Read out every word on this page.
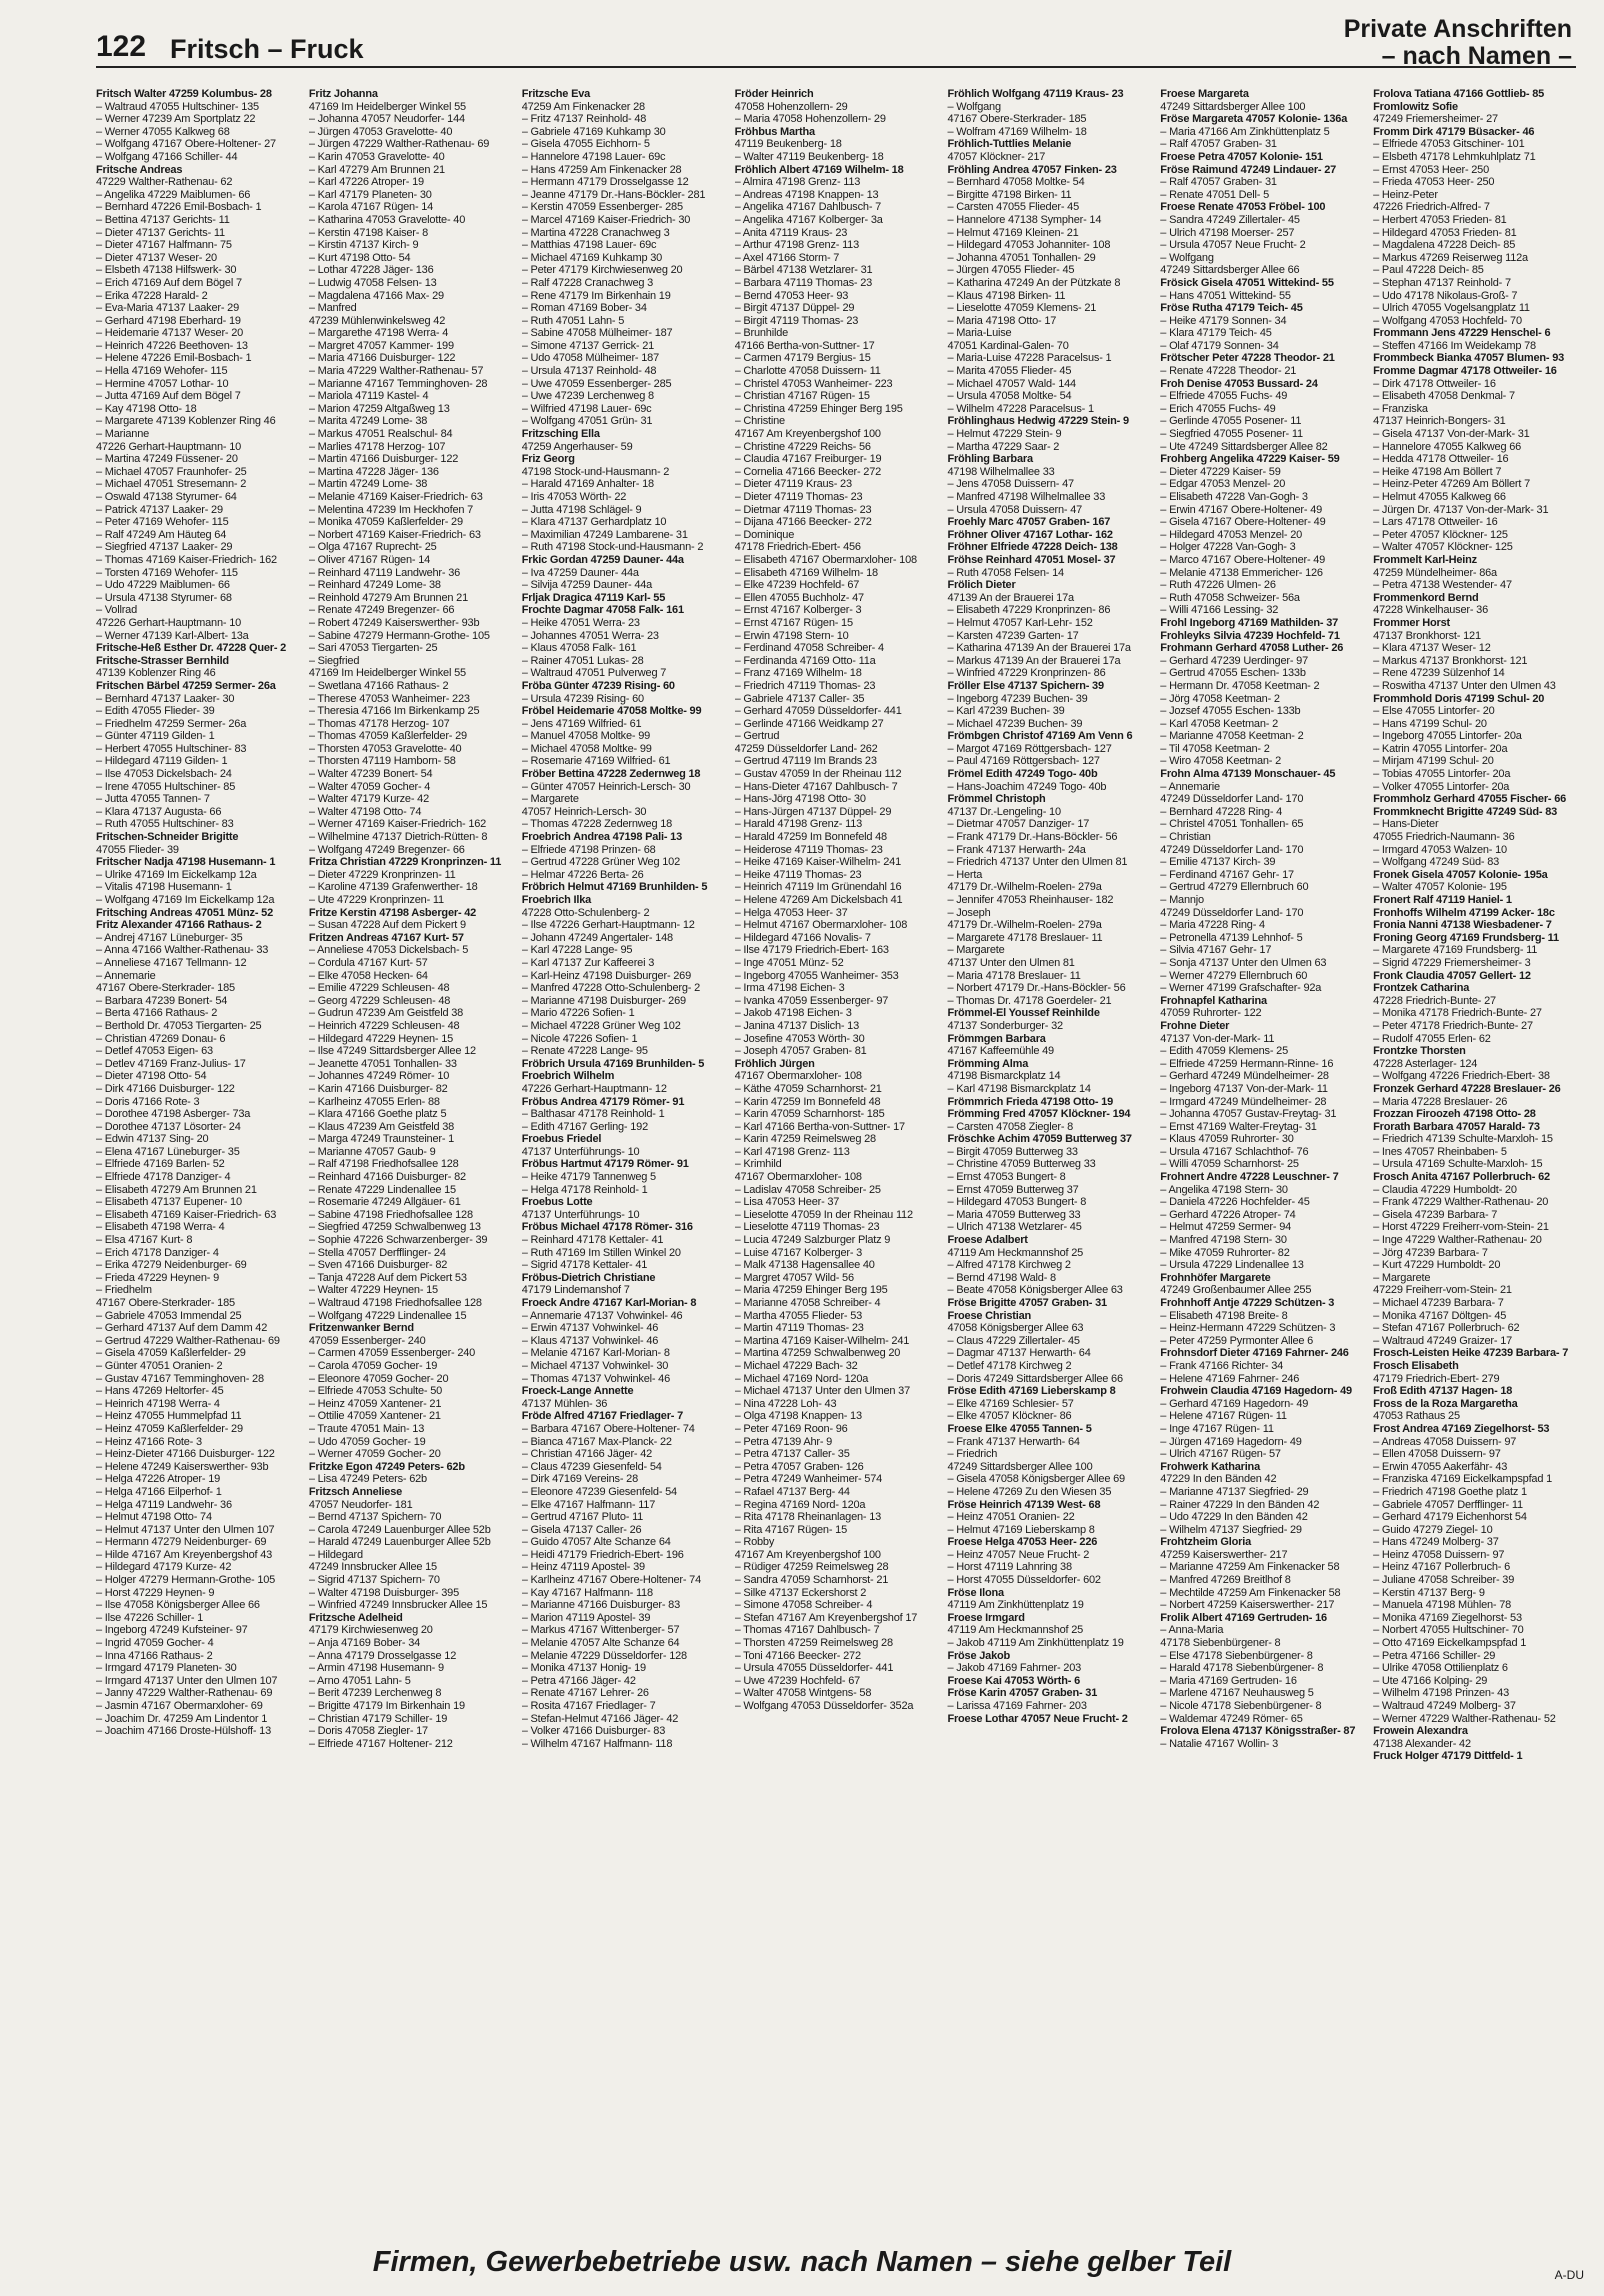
122 Fritsch – Fruck
Private Anschriften
– nach Namen –
Fritsch Walter 47259 Kolumbus- 28
– Waltraud 47055 Hultschiner- 135
– Werner 47239 Am Sportplatz 22
– Werner 47055 Kalkweg 68
– Wolfgang 47167 Obere-Holtener- 27
– Wolfgang 47166 Schiller- 44
Fritsche Andreas
47229 Walther-Rathenau- 62
– Angelika 47229 Maiblumen- 66
– Bernhard 47226 Emil-Bosbach- 1
– Bettina 47137 Gerichts- 11
– Dieter 47137 Gerichts- 11
– Dieter 47167 Halfmann- 75
– Dieter 47137 Weser- 20
– Elsbeth 47138 Hilfswerk- 30
– Erich 47169 Auf dem Bögel 7
– Erika 47228 Harald- 2
– Eva-Maria 47137 Laaker- 29
– Gerhard 47198 Eberhard- 19
– Heidemarie 47137 Weser- 20
– Heinrich 47226 Beethoven- 13
– Helene 47226 Emil-Bosbach- 1
– Hella 47169 Wehofer- 115
– Hermine 47057 Lothar- 10
– Jutta 47169 Auf dem Bögel 7
– Kay 47198 Otto- 18
– Margarete 47139 Koblenzer Ring 46
– Marianne
47226 Gerhart-Hauptmann- 10
– Martina 47249 Füssener- 20
– Michael 47057 Fraunhofer- 25
– Michael 47051 Stresemann- 2
– Oswald 47138 Styrumer- 64
– Patrick 47137 Laaker- 29
– Peter 47169 Wehofer- 115
– Ralf 47249 Am Häuteg 64
– Siegfried 47137 Laaker- 29
– Thomas 47169 Kaiser-Friedrich- 162
– Torsten 47169 Wehofer- 115
– Udo 47229 Maiblumen- 66
– Ursula 47138 Styrumer- 68
– Vollrad
47226 Gerhart-Hauptmann- 10
– Werner 47139 Karl-Albert- 13a
Fritsche-Heß Esther Dr. 47228 Quer- 2
Fritsche-Strasser Bernhild
47139 Koblenzer Ring 46
Fritschen Bärbel 47259 Sermer- 26a
– Bernhard 47137 Laaker- 30
– Edith 47055 Flieder- 39
– Friedhelm 47259 Sermer- 26a
– Günter 47119 Gilden- 1
– Herbert 47055 Hultschiner- 83
– Hildegard 47119 Gilden- 1
– Ilse 47053 Dickelsbach- 24
– Irene 47055 Hultschiner- 85
– Jutta 47055 Tannen- 7
– Klara 47137 Augusta- 66
– Ruth 47055 Hultschiner- 83
Fritschen-Schneider Brigitte
47055 Flieder- 39
Fritscher Nadja 47198 Husemann- 1
– Ulrike 47169 Im Eickelkamp 12a
– Vitalis 47198 Husemann- 1
– Wolfgang 47169 Im Eickelkamp 12a
Fritsching Andreas 47051 Münz- 52
Fritz Alexander 47166 Rathaus- 2
– Andrej 47167 Lüneburger- 35
– Anna 47166 Walther-Rathenau- 33
– Anneliese 47167 Tellmann- 12
– Annemarie
47167 Obere-Sterkrader- 185
– Barbara 47239 Bonert- 54
– Berta 47166 Rathaus- 2
– Berthold Dr. 47053 Tiergarten- 25
– Christian 47269 Donau- 6
– Detlef 47053 Eigen- 63
– Detlev 47169 Franz-Julius- 17
– Dieter 47198 Otto- 54
– Dirk 47166 Duisburger- 122
– Doris 47166 Rote- 3
– Dorothee 47198 Asberger- 73a
– Dorothee 47137 Lösorter- 24
– Edwin 47137 Sing- 20
– Elena 47167 Lüneburger- 35
– Elfriede 47169 Barlen- 52
– Elfriede 47178 Danziger- 4
– Elisabeth 47279 Am Brunnen 21
– Elisabeth 47137 Eupener- 10
– Elisabeth 47169 Kaiser-Friedrich- 63
– Elisabeth 47198 Werra- 4
– Elsa 47167 Kurt- 8
– Erich 47178 Danziger- 4
– Erika 47279 Neidenburger- 69
– Frieda 47229 Heynen- 9
– Friedhelm
47167 Obere-Sterkrader- 185
– Gabriele 47053 Immendal 25
– Gerhard 47137 Auf dem Damm 42
– Gertrud 47229 Walther-Rathenau- 69
– Gisela 47059 Kaßlerfelder- 29
– Günter 47051 Oranien- 2
– Gustav 47167 Temminghoven- 28
– Hans 47269 Heltorfer- 45
– Heinrich 47198 Werra- 4
– Heinz 47055 Hummelpfad 11
– Heinz 47059 Kaßlerfelder- 29
– Heinz 47166 Rote- 3
– Heinz-Dieter 47166 Duisburger- 122
– Helene 47249 Kaiserswerther- 93b
– Helga 47226 Atroper- 19
– Helga 47166 Eilperhof- 1
– Helga 47119 Landwehr- 36
– Helmut 47198 Otto- 74
– Helmut 47137 Unter den Ulmen 107
– Hermann 47279 Neidenburger- 69
– Hilde 47167 Am Kreyenbergshof 43
– Hildegard 47179 Kurze- 42
– Holger 47279 Hermann-Grothe- 105
– Horst 47229 Heynen- 9
– Ilse 47058 Königsberger Allee 66
– Ilse 47226 Schiller- 1
– Ingeborg 47249 Kufsteiner- 97
– Ingrid 47059 Gocher- 4
– Inna 47166 Rathaus- 2
– Irmgard 47179 Planeten- 30
– Irmgard 47137 Unter den Ulmen 107
– Janny 47229 Walther-Rathenau- 69
– Jasmin 47167 Obermarxloher- 69
– Joachim Dr. 47259 Am Lindentor 1
– Joachim 47166 Droste-Hülshoff- 13
Fritz Johanna
47169 Im Heidelberger Winkel 55
– Johanna 47057 Neudorfer- 144
– Jürgen 47053 Gravelotte- 40
– Jürgen 47229 Walther-Rathenau- 69
– Karin 47053 Gravelotte- 40
– Karl 47279 Am Brunnen 21
– Karl 47226 Atroper- 19
– Karl 47179 Planeten- 30
– Karola 47167 Rügen- 14
– Katharina 47053 Gravelotte- 40
– Kerstin 47198 Kaiser- 8
– Kirstin 47137 Kirch- 9
– Kurt 47198 Otto- 54
– Lothar 47228 Jäger- 136
– Ludwig 47058 Felsen- 13
– Magdalena 47166 Max- 29
– Manfred
47239 Mühlenwinkelsweg 42
– Margarethe 47198 Werra- 4
– Margret 47057 Kammer- 199
– Maria 47166 Duisburger- 122
– Maria 47229 Walther-Rathenau- 57
– Marianne 47167 Temminghoven- 28
– Mariola 47119 Kastel- 4
– Marion 47259 Altgaßweg 13
– Marita 47249 Lome- 38
– Markus 47051 Realschul- 84
– Marlies 47178 Herzog- 107
– Martin 47166 Duisburger- 122
– Martina 47228 Jäger- 136
– Martin 47249 Lome- 38
– Melanie 47169 Kaiser-Friedrich- 63
– Melentina 47239 Im Heckhofen 7
– Monika 47059 Kaßlerfelder- 29
– Norbert 47169 Kaiser-Friedrich- 63
– Olga 47167 Ruprecht- 25
– Oliver 47167 Rügen- 14
– Reinhard 47119 Landwehr- 36
– Reinhard 47249 Lome- 38
– Reinhold 47279 Am Brunnen 21
– Renate 47249 Bregenzer- 66
– Robert 47249 Kaiserswerther- 93b
– Sabine 47279 Hermann-Grothe- 105
– Sari 47053 Tiergarten- 25
– Siegfried
47169 Im Heidelberger Winkel 55
– Swetlana 47166 Rathaus- 2
– Therese 47053 Wanheimer- 223
– Theresia 47166 Im Birkenkamp 25
– Thomas 47178 Herzog- 107
– Thomas 47059 Kaßlerfelder- 29
– Thorsten 47053 Gravelotte- 40
– Thorsten 47119 Hamborn- 58
– Walter 47239 Bonert- 54
– Walter 47059 Gocher- 4
– Walter 47179 Kurze- 42
– Walter 47198 Otto- 74
– Werner 47169 Kaiser-Friedrich- 162
– Wilhelmine 47137 Dietrich-Rütten- 8
– Wolfgang 47249 Bregenzer- 66
Fritza Christian 47229 Kronprinzen- 11
– Dieter 47229 Kronprinzen- 11
– Karoline 47139 Grafenwerther- 18
– Ute 47229 Kronprinzen- 11
Fritze Kerstin 47198 Asberger- 42
– Susan 47228 Auf dem Pickert 9
Fritzen Andreas 47167 Kurt- 57
– Anneliese 47053 Dickelsbach- 5
– Cordula 47167 Kurt- 57
– Elke 47058 Hecken- 64
– Emilie 47229 Schleusen- 48
– Georg 47229 Schleusen- 48
– Gudrun 47239 Am Geistfeld 38
– Heinrich 47229 Schleusen- 48
– Hildegard 47229 Heynen- 15
– Ilse 47249 Sittardsberger Allee 12
– Jeanette 47051 Tonhallen- 33
– Johannes 47249 Römer- 10
– Karin 47166 Duisburger- 82
– Karlheinz 47055 Erlen- 88
– Klara 47166 Goethe platz 5
– Klaus 47239 Am Geistfeld 38
– Marga 47249 Traunsteiner- 1
– Marianne 47057 Gaub- 9
– Ralf 47198 Friedhofsallee 128
– Reinhard 47166 Duisburger- 82
– Renate 47229 Lindenallee 15
– Rosemarie 47249 Allgäuer- 61
– Sabine 47198 Friedhofsallee 128
– Siegfried 47259 Schwalbenweg 13
– Sophie 47226 Schwarzenberger- 39
– Stella 47057 Derfflinger- 24
– Sven 47166 Duisburger- 82
– Tanja 47228 Auf dem Pickert 53
– Walter 47229 Heynen- 15
– Waltraud 47198 Friedhofsallee 128
– Wolfgang 47229 Lindenallee 15
Fritzenwanker Bernd
47059 Essenberger- 240
– Carmen 47059 Essenberger- 240
– Carola 47059 Gocher- 19
– Eleonore 47059 Gocher- 20
– Elfriede 47053 Schulte- 50
– Heinz 47059 Xantener- 21
– Ottilie 47059 Xantener- 21
– Traute 47051 Main- 13
– Udo 47059 Gocher- 19
– Werner 47059 Gocher- 20
Fritzke Egon 47249 Peters- 62b
– Lisa 47249 Peters- 62b
Fritzsch Anneliese
47057 Neudorfer- 181
– Bernd 47137 Spichern- 70
– Carola 47249 Lauenburger Allee 52b
– Harald 47249 Lauenburger Allee 52b
– Hildegard
47249 Innsbrucker Allee 15
– Sigrid 47137 Spichern- 70
– Walter 47198 Duisburger- 395
– Winfried 47249 Innsbrucker Allee 15
Fritzsche Adelheid
47179 Kirchwiesenweg 20
– Anja 47169 Bober- 34
– Anna 47179 Drosselgasse 12
– Armin 47198 Husemann- 9
– Arno 47051 Lahn- 5
– Berit 47239 Lerchenweg 8
– Brigitte 47179 Im Birkenhain 19
– Christian 47179 Schiller- 19
– Doris 47058 Ziegler- 17
– Elfriede 47167 Holtener- 212
Fritzsche Eva
47259 Am Finkenacker 28
– Fritz 47137 Reinhold- 48
– Gabriele 47169 Kuhkamp 30
– Gisela 47055 Eichhorn- 5
– Hannelore 47198 Lauer- 69c
– Hans 47259 Am Finkenacker 28
– Hermann 47179 Drosselgasse 12
– Jeanne 47179 Dr.-Hans-Böckler- 281
– Kerstin 47059 Essenberger- 285
– Marcel 47169 Kaiser-Friedrich- 30
– Martina 47228 Cranachweg 3
– Matthias 47198 Lauer- 69c
– Michael 47169 Kuhkamp 30
– Peter 47179 Kirchwiesenweg 20
– Ralf 47228 Cranachweg 3
– Rene 47179 Im Birkenhain 19
– Roman 47169 Bober- 34
– Ruth 47051 Lahn- 5
– Sabine 47058 Mülheimer- 187
– Simone 47137 Gerrick- 21
– Udo 47058 Mülheimer- 187
– Ursula 47137 Reinhold- 48
– Uwe 47059 Essenberger- 285
– Uwe 47239 Lerchenweg 8
– Wilfried 47198 Lauer- 69c
– Wolfgang 47051 Grün- 31
Fritzsching Ella
47259 Angerhauser- 59
Friz Georg
47198 Stock-und-Hausmann- 2
– Harald 47169 Anhalter- 18
– Iris 47053 Wörth- 22
– Jutta 47198 Schlägel- 9
– Klara 47137 Gerhardplatz 10
– Maximilian 47249 Lambarene- 31
– Ruth 47198 Stock-und-Hausmann- 2
Frkic Gordan 47259 Dauner- 44a
– Iva 47259 Dauner- 44a
– Silvija 47259 Dauner- 44a
Frljak Dragica 47119 Karl- 55
Frochte Dagmar 47058 Falk- 161
– Heike 47051 Werra- 23
– Johannes 47051 Werra- 23
– Klaus 47058 Falk- 161
– Rainer 47051 Lukas- 28
– Waltraud 47051 Pulverweg 7
Fröba Günter 47239 Rising- 60
– Ursula 47239 Rising- 60
Fröbel Heidemarie 47058 Moltke- 99
– Jens 47169 Wilfried- 61
– Manuel 47058 Moltke- 99
– Michael 47058 Moltke- 99
– Rosemarie 47169 Wilfried- 61
Fröber Bettina 47228 Zedernweg 18
– Günter 47057 Heinrich-Lersch- 30
– Margarete
47057 Heinrich-Lersch- 30
– Thomas 47228 Zedernweg 18
Froebrich Andrea 47198 Pali- 13
– Elfriede 47198 Prinzen- 68
– Gertrud 47228 Grüner Weg 102
– Helmar 47226 Berta- 26
Fröbrich Helmut 47169 Brunhilden- 5
Froebrich Ilka
47228 Otto-Schulenberg- 2
– Ilse 47226 Gerhart-Hauptmann- 12
– Johann 47249 Angertaler- 148
– Karl 47228 Lange- 95
– Karl 47137 Zur Kaffeerei 3
– Karl-Heinz 47198 Duisburger- 269
– Manfred 47228 Otto-Schulenberg- 2
– Marianne 47198 Duisburger- 269
– Mario 47226 Sofien- 1
– Michael 47228 Grüner Weg 102
– Nicole 47226 Sofien- 1
– Renate 47228 Lange- 95
Fröbrich Ursula 47169 Brunhilden- 5
Froebrich Wilhelm
47226 Gerhart-Hauptmann- 12
Fröbus Andrea 47179 Römer- 91
– Balthasar 47178 Reinhold- 1
– Edith 47167 Gerling- 192
Froebus Friedel
47137 Unterführungs- 10
Fröbus Hartmut 47179 Römer- 91
– Heike 47179 Tannenweg 5
– Helga 47178 Reinhold- 1
Froebus Lotte
47137 Unterführungs- 10
Fröbus Michael 47178 Römer- 316
– Reinhard 47178 Kettaler- 41
– Ruth 47169 Im Stillen Winkel 20
– Sigrid 47178 Kettaler- 41
Fröbus-Dietrich Christiane
47179 Lindemanshof 7
Froeck Andre 47167 Karl-Morian- 8
– Annemarie 47137 Vohwinkel- 46
– Erwin 47137 Vohwinkel- 46
– Klaus 47137 Vohwinkel- 46
– Melanie 47167 Karl-Morian- 8
– Michael 47137 Vohwinkel- 30
– Thomas 47137 Vohwinkel- 46
Froeck-Lange Annette
47137 Mühlen- 36
Fröde Alfred 47167 Friedlager- 7
– Barbara 47167 Obere-Holtener- 74
– Bianca 47167 Max-Planck- 22
– Christian 47166 Jäger- 42
– Claus 47239 Giesenfeld- 54
– Dirk 47169 Vereins- 28
– Eleonore 47239 Giesenfeld- 54
– Elke 47167 Halfmann- 117
– Gertrud 47167 Pluto- 11
– Gisela 47137 Caller- 26
– Guido 47057 Alte Schanze 64
– Heidi 47179 Friedrich-Ebert- 196
– Heinz 47119 Apostel- 39
– Karlheinz 47167 Obere-Holtener- 74
– Kay 47167 Halfmann- 118
– Marianne 47166 Duisburger- 83
– Marion 47119 Apostel- 39
– Markus 47167 Wittenberger- 57
– Melanie 47057 Alte Schanze 64
– Melanie 47229 Düsseldorfer- 128
– Monika 47137 Honig- 19
– Petra 47166 Jäger- 42
– Renate 47167 Lehrer- 26
– Rosita 47167 Friedlager- 7
– Stefan-Helmut 47166 Jäger- 42
– Volker 47166 Duisburger- 83
– Wilhelm 47167 Halfmann- 118
Fröder Heinrich
47058 Hohenzollern- 29
– Maria 47058 Hohenzollern- 29
Fröhbus Martha
47119 Beukenberg- 18
– Walter 47119 Beukenberg- 18
Fröhlich Albert 47169 Wilhelm- 18
– Almira 47198 Grenz- 113
– Andreas 47198 Knappen- 13
– Angelika 47167 Dahlbusch- 7
– Angelika 47167 Kolberger- 3a
– Anita 47119 Kraus- 23
– Arthur 47198 Grenz- 113
– Axel 47166 Storm- 7
– Bärbel 47138 Wetzlarer- 31
– Barbara 47119 Thomas- 23
– Bernd 47053 Heer- 93
– Birgit 47137 Düppel- 29
– Birgit 47119 Thomas- 23
– Brunhilde
47166 Bertha-von-Suttner- 17
– Carmen 47179 Bergius- 15
– Charlotte 47058 Duissern- 11
– Christel 47053 Wanheimer- 223
– Christian 47167 Rügen- 15
– Christina 47259 Ehinger Berg 195
– Christine
47167 Am Kreyenbergshof 100
– Christine 47229 Reichs- 56
– Claudia 47167 Freiburger- 19
– Cornelia 47166 Beecker- 272
– Dieter 47119 Kraus- 23
– Dieter 47119 Thomas- 23
– Dietmar 47119 Thomas- 23
– Dijana 47166 Beecker- 272
– Dominique
47178 Friedrich-Ebert- 456
– Elisabeth 47167 Obermarxloher- 108
– Elisabeth 47169 Wilhelm- 18
– Elke 47239 Hochfeld- 67
– Ellen 47055 Buchholz- 47
– Ernst 47167 Kolberger- 3
– Ernst 47167 Rügen- 15
– Erwin 47198 Stern- 10
– Ferdinand 47058 Schreiber- 4
– Ferdinanda 47169 Otto- 11a
– Franz 47169 Wilhelm- 18
– Friedrich 47119 Thomas- 23
– Gabriele 47137 Caller- 35
– Gerhard 47059 Düsseldorfer- 441
– Gerlinde 47166 Weidkamp 27
– Gertrud
47259 Düsseldorfer Land- 262
– Gertrud 47119 Im Brands 23
– Gustav 47059 In der Rheinau 112
– Hans-Dieter 47167 Dahlbusch- 7
– Hans-Jörg 47198 Otto- 30
– Hans-Jürgen 47137 Düppel- 29
– Harald 47198 Grenz- 113
– Harald 47259 Im Bonnefeld 48
– Heiderose 47119 Thomas- 23
– Heike 47169 Kaiser-Wilhelm- 241
– Heike 47119 Thomas- 23
– Heinrich 47119 Im Grünendahl 16
– Helene 47269 Am Dickelsbach 41
– Helga 47053 Heer- 37
– Helmut 47167 Obermarxloher- 108
– Hildegard 47166 Novalis- 7
– Ilse 47179 Friedrich-Ebert- 163
– Inge 47051 Münz- 52
– Ingeborg 47055 Wanheimer- 353
– Irma 47198 Eichen- 3
– Ivanka 47059 Essenberger- 97
– Jakob 47198 Eichen- 3
– Janina 47137 Dislich- 13
– Josefine 47053 Wörth- 30
– Joseph 47057 Graben- 81
Fröhlich Jürgen
47167 Obermarxloher- 108
– Käthe 47059 Scharnhorst- 21
– Karin 47259 Im Bonnefeld 48
– Karin 47059 Scharnhorst- 185
– Karl 47166 Bertha-von-Suttner- 17
– Karin 47259 Reimelsweg 28
– Karl 47198 Grenz- 113
– Krimhild
47167 Obermarxloher- 108
– Ladislav 47058 Schreiber- 25
– Lisa 47053 Heer- 37
– Lieselotte 47059 In der Rheinau 112
– Lieselotte 47119 Thomas- 23
– Lucia 47249 Salzburger Platz 9
– Luise 47167 Kolberger- 3
– Malk 47138 Hagensallee 40
– Margret 47057 Wild- 56
– Maria 47259 Ehinger Berg 195
– Marianne 47058 Schreiber- 4
– Martha 47055 Flieder- 53
– Martin 47119 Thomas- 23
– Martina 47169 Kaiser-Wilhelm- 241
– Martina 47259 Schwalbenweg 20
– Michael 47229 Bach- 32
– Michael 47169 Nord- 120a
– Michael 47137 Unter den Ulmen 37
– Nina 47228 Loh- 43
– Olga 47198 Knappen- 13
– Peter 47169 Roon- 96
– Petra 47139 Ahr- 9
– Petra 47137 Caller- 35
– Petra 47057 Graben- 126
– Petra 47249 Wanheimer- 574
– Rafael 47137 Berg- 44
– Regina 47169 Nord- 120a
– Rita 47178 Rheinanlagen- 13
– Rita 47167 Rügen- 15
– Robby
47167 Am Kreyenbergshof 100
– Rüdiger 47259 Reimelsweg 28
– Sandra 47059 Scharnhorst- 21
– Silke 47137 Eckershorst 2
– Simone 47058 Schreiber- 4
– Stefan 47167 Am Kreyenbergshof 17
– Thomas 47167 Dahlbusch- 7
– Thorsten 47259 Reimelsweg 28
– Toni 47166 Beecker- 272
– Ursula 47055 Düsseldorfer- 441
– Uwe 47239 Hochfeld- 67
– Walter 47058 Wintgens- 58
– Wolfgang 47053 Düsseldorfer- 352a
Fröhlich Wolfgang 47119 Kraus- 23
– Wolfgang
47167 Obere-Sterkrader- 185
– Wolfram 47169 Wilhelm- 18
Fröhlich-Tuttlies Melanie
47057 Klöckner- 217
Fröhling Andrea 47057 Finken- 23
– Bernhard 47058 Moltke- 54
– Birgitte 47198 Birken- 11
– Carsten 47055 Flieder- 45
– Hannelore 47138 Sympher- 14
– Helmut 47169 Kleinen- 21
– Hildegard 47053 Johanniter- 108
– Johanna 47051 Tonhallen- 29
– Jürgen 47055 Flieder- 45
– Katharina 47249 An der Pützkate 8
– Klaus 47198 Birken- 11
– Lieselotte 47059 Klemens- 21
– Maria 47198 Otto- 17
– Maria-Luise
47051 Kardinal-Galen- 70
– Maria-Luise 47228 Paracelsus- 1
– Marita 47055 Flieder- 45
– Michael 47057 Wald- 144
– Ursula 47058 Moltke- 54
– Wilhelm 47228 Paracelsus- 1
Fröhlinghaus Hedwig 47229 Stein- 9
– Helmut 47229 Stein- 9
– Martha 47229 Saar- 2
Fröhling Barbara
47198 Wilhelmallee 33
– Jens 47058 Duissern- 47
– Manfred 47198 Wilhelmallee 33
– Ursula 47058 Duissern- 47
Froehly Marc 47057 Graben- 167
Fröhner Oliver 47167 Lothar- 162
Fröhner Elfriede 47228 Deich- 138
Fröhse Reinhard 47051 Mosel- 37
– Ruth 47058 Felsen- 14
Frölich Dieter
47139 An der Brauerei 17a
– Elisabeth 47229 Kronprinzen- 86
– Helmut 47057 Karl-Lehr- 152
– Karsten 47239 Garten- 17
– Katharina 47139 An der Brauerei 17a
– Markus 47139 An der Brauerei 17a
– Winfried 47229 Kronprinzen- 86
Fröller Else 47137 Spichern- 39
– Ingeborg 47239 Buchen- 39
– Karl 47239 Buchen- 39
– Michael 47239 Buchen- 39
Frömbgen Christof 47169 Am Venn 6
– Margot 47169 Röttgersbach- 127
– Paul 47169 Röttgersbach- 127
Frömel Edith 47249 Togo- 40b
– Hans-Joachim 47249 Togo- 40b
Frömmel Christoph
47137 Dr.-Lengeling- 10
– Dietmar 47057 Danziger- 17
– Frank 47179 Dr.-Hans-Böckler- 56
– Frank 47137 Herwarth- 24a
– Friedrich 47137 Unter den Ulmen 81
– Herta
47179 Dr.-Wilhelm-Roelen- 279a
– Jennifer 47053 Rheinhauser- 182
– Joseph
47179 Dr.-Wilhelm-Roelen- 279a
– Margarete 47178 Breslauer- 11
– Margarete
47137 Unter den Ulmen 81
– Maria 47178 Breslauer- 11
– Norbert 47179 Dr.-Hans-Böckler- 56
– Thomas Dr. 47178 Goerdeler- 21
Frömmel-El Youssef Reinhilde
47137 Sonderburger- 32
Frömmgen Barbara
47167 Kaffeemühle 49
Frömming Alma
47198 Bismarckplatz 14
– Karl 47198 Bismarckplatz 14
Frömmrich Frieda 47198 Otto- 19
Frömming Fred 47057 Klöckner- 194
– Carsten 47058 Ziegler- 8
Fröschke Achim 47059 Butterweg 37
– Birgit 47059 Butterweg 33
– Christine 47059 Butterweg 33
– Ernst 47053 Bungert- 8
– Ernst 47059 Butterweg 37
– Hildegard 47053 Bungert- 8
– Maria 47059 Butterweg 33
– Ulrich 47138 Wetzlarer- 45
Froese Adalbert
47119 Am Heckmannshof 25
– Alfred 47178 Kirchweg 2
– Bernd 47198 Wald- 8
– Beate 47058 Königsberger Allee 63
Fröse Brigitte 47057 Graben- 31
Froese Christian
47058 Königsberger Allee 63
– Claus 47229 Zillertaler- 45
– Dagmar 47137 Herwarth- 64
– Detlef 47178 Kirchweg 2
– Doris 47249 Sittardsberger Allee 66
Fröse Edith 47169 Lieberskamp 8
– Elke 47169 Schlesier- 57
– Elke 47057 Klöckner- 86
Froese Elke 47055 Tannen- 5
– Frank 47137 Herwarth- 64
– Friedrich
47249 Sittardsberger Allee 100
– Gisela 47058 Königsberger Allee 69
– Helene 47269 Zu den Wiesen 35
Fröse Heinrich 47139 West- 68
– Heinz 47051 Oranien- 22
– Helmut 47169 Lieberskamp 8
Froese Helga 47053 Heer- 226
– Heinz 47057 Neue Frucht- 2
– Horst 47119 Lahnring 38
– Horst 47055 Düsseldorfer- 602
Fröse Ilona
47119 Am Zinkhüttenplatz 19
Froese Irmgard
47119 Am Heckmannshof 25
– Jakob 47119 Am Zinkhüttenplatz 19
Fröse Jakob
– Jakob 47169 Fahrner- 203
Froese Kai 47053 Wörth- 6
Fröse Karin 47057 Graben- 31
– Larissa 47169 Fahrner- 203
Froese Lothar 47057 Neue Frucht- 2
Froese Margareta
47249 Sittardsberger Allee 100
Fröse Margareta 47057 Kolonie- 136a
– Maria 47166 Am Zinkhüttenplatz 5
– Ralf 47057 Graben- 31
Froese Petra 47057 Kolonie- 151
Fröse Raimund 47249 Lindauer- 27
– Ralf 47057 Graben- 31
– Renate 47051 Dell- 5
Froese Renate 47053 Fröbel- 100
– Sandra 47249 Zillertaler- 45
– Ulrich 47198 Moerser- 257
– Ursula 47057 Neue Frucht- 2
– Wolfgang
47249 Sittardsberger Allee 66
Frösick Gisela 47051 Wittekind- 55
– Hans 47051 Wittekind- 55
Fröse Rutha 47179 Teich- 45
– Heike 47179 Sonnen- 34
– Klara 47179 Teich- 45
– Olaf 47179 Sonnen- 34
Frötscher Peter 47228 Theodor- 21
– Renate 47228 Theodor- 21
Froh Denise 47053 Bussard- 24
– Elfriede 47055 Fuchs- 49
– Erich 47055 Fuchs- 49
– Gerlinde 47055 Posener- 11
– Siegfried 47055 Posener- 11
– Ute 47249 Sittardsberger Allee 82
Frohberg Angelika 47229 Kaiser- 59
– Dieter 47229 Kaiser- 59
– Edgar 47053 Menzel- 20
– Elisabeth 47228 Van-Gogh- 3
– Erwin 47167 Obere-Holtener- 49
– Gisela 47167 Obere-Holtener- 49
– Hildegard 47053 Menzel- 20
– Holger 47228 Van-Gogh- 3
– Marco 47167 Obere-Holtener- 49
– Melanie 47138 Emmericher- 126
– Ruth 47226 Ulmen- 26
– Ruth 47058 Schweizer- 56a
– Willi 47166 Lessing- 32
Frohl Ingeborg 47169 Mathilden- 37
Frohleyks Silvia 47239 Hochfeld- 71
Frohmann Gerhard 47058 Luther- 26
– Gerhard 47239 Uerdinger- 97
– Gertrud 47055 Eschen- 133b
– Hermann Dr. 47058 Keetman- 2
– Jörg 47058 Keetman- 2
– Jozsef 47055 Eschen- 133b
– Karl 47058 Keetman- 2
– Marianne 47058 Keetman- 2
– Til 47058 Keetman- 2
– Wiro 47058 Keetman- 2
Frohn Alma 47139 Monschauer- 45
– Annemarie
47249 Düsseldorfer Land- 170
– Bernhard 47228 Ring- 4
– Christel 47051 Tonhallen- 65
– Christian
47249 Düsseldorfer Land- 170
– Emilie 47137 Kirch- 39
– Ferdinand 47167 Gehr- 17
– Gertrud 47279 Ellernbruch 60
– Mannjo
47249 Düsseldorfer Land- 170
– Maria 47228 Ring- 4
– Petronella 47139 Lehnhof- 5
– Silvia 47167 Gehr- 17
– Sonja 47137 Unter den Ulmen 63
– Werner 47279 Ellernbruch 60
– Werner 47199 Grafschafter- 92a
Frohnapfel Katharina
47059 Ruhrorter- 122
Frohne Dieter
47137 Von-der-Mark- 11
– Edith 47059 Klemens- 25
– Elfriede 47259 Hermann-Rinne- 16
– Gerhard 47249 Mündelheimer- 28
– Ingeborg 47137 Von-der-Mark- 11
– Irmgard 47249 Mündelheimer- 28
– Johanna 47057 Gustav-Freytag- 31
– Ernst 47169 Walter-Freytag- 31
– Klaus 47059 Ruhrorter- 30
– Ursula 47167 Schlachthof- 76
– Willi 47059 Scharnhorst- 25
Frohnert Andre 47228 Leuschner- 7
– Angelika 47198 Stern- 30
– Daniela 47226 Hochfelder- 45
– Gerhard 47226 Atroper- 74
– Helmut 47259 Sermer- 94
– Manfred 47198 Stern- 30
– Mike 47059 Ruhrorter- 82
– Ursula 47229 Lindenallee 13
Frohnhöfer Margarete
47249 Großenbaumer Allee 255
Frohnhoff Antje 47229 Schützen- 3
– Elisabeth 47198 Breite- 8
– Heinz-Hermann 47229 Schützen- 3
– Peter 47259 Pyrmonter Allee 6
Frohnsdorf Dieter 47169 Fahrner- 246
– Frank 47166 Richter- 34
– Helene 47169 Fahrner- 246
Frohwein Claudia 47169 Hagedorn- 49
– Gerhard 47169 Hagedorn- 49
– Helene 47167 Rügen- 11
– Inge 47167 Rügen- 11
– Jürgen 47169 Hagedorn- 49
– Ulrich 47167 Rügen- 57
Frohwerk Katharina
47229 In den Bänden 42
– Marianne 47137 Siegfried- 29
– Rainer 47229 In den Bänden 42
– Udo 47229 In den Bänden 42
– Wilhelm 47137 Siegfried- 29
Frohtzheim Gloria
47259 Kaiserswerther- 217
– Marianne 47259 Am Finkenacker 58
– Manfred 47269 Breitlhof 8
– Mechtilde 47259 Am Finkenacker 58
– Norbert 47259 Kaiserswerther- 217
Frolik Albert 47169 Gertruden- 16
– Anna-Maria
47178 Siebenbürgener- 8
– Else 47178 Siebenbürgener- 8
– Harald 47178 Siebenbürgener- 8
– Maria 47169 Gertruden- 16
– Marlene 47167 Neuhausweg 5
– Nicole 47178 Siebenbürgener- 8
– Waldemar 47249 Römer- 65
Frolova Elena 47137 Königsstraßer- 87
– Natalie 47167 Wollin- 3
Frolova Tatiana 47166 Gottlieb- 85
Fromlowitz Sofie
47249 Friemersheimer- 27
Fromm Dirk 47179 Büsacker- 46
– Elfriede 47053 Gitschiner- 101
– Elsbeth 47178 Lehmkuhlplatz 71
– Ernst 47053 Heer- 250
– Frieda 47053 Heer- 250
– Heinz-Peter
47226 Friedrich-Alfred- 7
– Herbert 47053 Frieden- 81
– Hildegard 47053 Frieden- 81
– Magdalena 47228 Deich- 85
– Markus 47269 Reiserweg 112a
– Paul 47228 Deich- 85
– Stephan 47137 Reinhold- 7
– Udo 47178 Nikolaus-Groß- 7
– Ulrich 47055 Vogelsangplatz 11
– Wolfgang 47053 Hochfeld- 70
Frommann Jens 47229 Henschel- 6
– Steffen 47166 Im Weidekamp 78
Frommbeck Bianka 47057 Blumen- 93
Fromme Dagmar 47178 Ottweiler- 16
– Dirk 47178 Ottweiler- 16
– Elisabeth 47058 Denkmal- 7
– Franziska
47137 Heinrich-Bongers- 31
– Gisela 47137 Von-der-Mark- 31
– Hannelore 47055 Kalkweg 66
– Hedda 47178 Ottweiler- 16
– Heike 47198 Am Böllert 7
– Heinz-Peter 47269 Am Böllert 7
– Helmut 47055 Kalkweg 66
– Jürgen Dr. 47137 Von-der-Mark- 31
– Lars 47178 Ottweiler- 16
– Peter 47057 Klöckner- 125
– Walter 47057 Klöckner- 125
Frommelt Karl-Heinz
47259 Mündelheimer- 86a
– Petra 47138 Westender- 47
Frommenkord Bernd
47228 Winkelhauser- 36
Frommer Horst
47137 Bronkhorst- 121
– Klara 47137 Weser- 12
– Markus 47137 Bronkhorst- 121
– Rene 47239 Sülzenhof 14
– Roswitha 47137 Unter den Ulmen 43
Frommhold Doris 47199 Schul- 20
– Else 47055 Lintorfer- 20
– Hans 47199 Schul- 20
– Ingeborg 47055 Lintorfer- 20a
– Katrin 47055 Lintorfer- 20a
– Mirjam 47199 Schul- 20
– Tobias 47055 Lintorfer- 20a
– Volker 47055 Lintorfer- 20a
Frommholz Gerhard 47055 Fischer- 66
Frommknecht Brigitte 47249 Süd- 83
– Hans-Dieter
47055 Friedrich-Naumann- 36
– Irmgard 47053 Walzen- 10
– Wolfgang 47249 Süd- 83
Fronek Gisela 47057 Kolonie- 195a
– Walter 47057 Kolonie- 195
Fronert Ralf 47119 Haniel- 1
Fronhoffs Wilhelm 47199 Acker- 18c
Fronia Nanni 47138 Wiesbadener- 7
Froning Georg 47169 Frundsberg- 11
– Margarete 47169 Frundsberg- 11
– Sigrid 47229 Friemersheimer- 3
Fronk Claudia 47057 Gellert- 12
Frontzek Catharina
47228 Friedrich-Bunte- 27
– Monika 47178 Friedrich-Bunte- 27
– Peter 47178 Friedrich-Bunte- 27
– Rudolf 47055 Erlen- 62
Frontzke Thorsten
47228 Asterlager- 124
– Wolfgang 47226 Friedrich-Ebert- 38
Fronzek Gerhard 47228 Breslauer- 26
– Maria 47228 Breslauer- 26
Frozzan Firoozeh 47198 Otto- 28
Frorath Barbara 47057 Harald- 73
– Friedrich 47139 Schulte-Marxloh- 15
– Ines 47057 Rheinbaben- 5
– Ursula 47169 Schulte-Marxloh- 15
Frosch Anita 47167 Pollerbruch- 62
– Claudia 47229 Humboldt- 20
– Frank 47229 Walther-Rathenau- 20
– Gisela 47239 Barbara- 7
– Horst 47229 Freiherr-vom-Stein- 21
– Inge 47229 Walther-Rathenau- 20
– Jörg 47239 Barbara- 7
– Kurt 47229 Humboldt- 20
– Margarete
47229 Freiherr-vom-Stein- 21
– Michael 47239 Barbara- 7
– Monika 47167 Döltgen- 45
– Stefan 47167 Pollerbruch- 62
– Waltraud 47249 Graizer- 17
Frosch-Leisten Heike 47239 Barbara- 7
Frosch Elisabeth
47179 Friedrich-Ebert- 279
Froß Edith 47137 Hagen- 18
Fross de la Roza Margaretha
47053 Rathaus 25
Frost Andrea 47169 Ziegelhorst- 53
– Andreas 47058 Duissern- 97
– Ellen 47058 Duissern- 97
– Erwin 47055 Aakerfähr- 43
– Franziska 47169 Eickelkampspfad 1
– Friedrich 47198 Goethe platz 1
– Gabriele 47057 Derfflinger- 11
– Gerhard 47179 Eichenhorst 54
– Guido 47279 Ziegel- 10
– Hans 47249 Molberg- 37
– Heinz 47058 Duissern- 97
– Heinz 47167 Pollerbruch- 6
– Juliane 47058 Schreiber- 39
– Kerstin 47137 Berg- 9
– Manuela 47198 Mühlen- 78
– Monika 47169 Ziegelhorst- 53
– Norbert 47055 Hultschiner- 70
– Otto 47169 Eickelkampspfad 1
– Petra 47166 Schiller- 29
– Ulrike 47058 Ottilienplatz 6
– Ute 47166 Kolping- 29
– Wilhelm 47198 Prinzen- 43
– Waltraud 47249 Molberg- 37
– Werner 47229 Walther-Rathenau- 52
Frowein Alexandra
47138 Alexander- 42
Fruck Holger 47179 Dittfeld- 1
Firmen, Gewerbebetriebe usw. nach Namen – siehe gelber Teil	A-DU
